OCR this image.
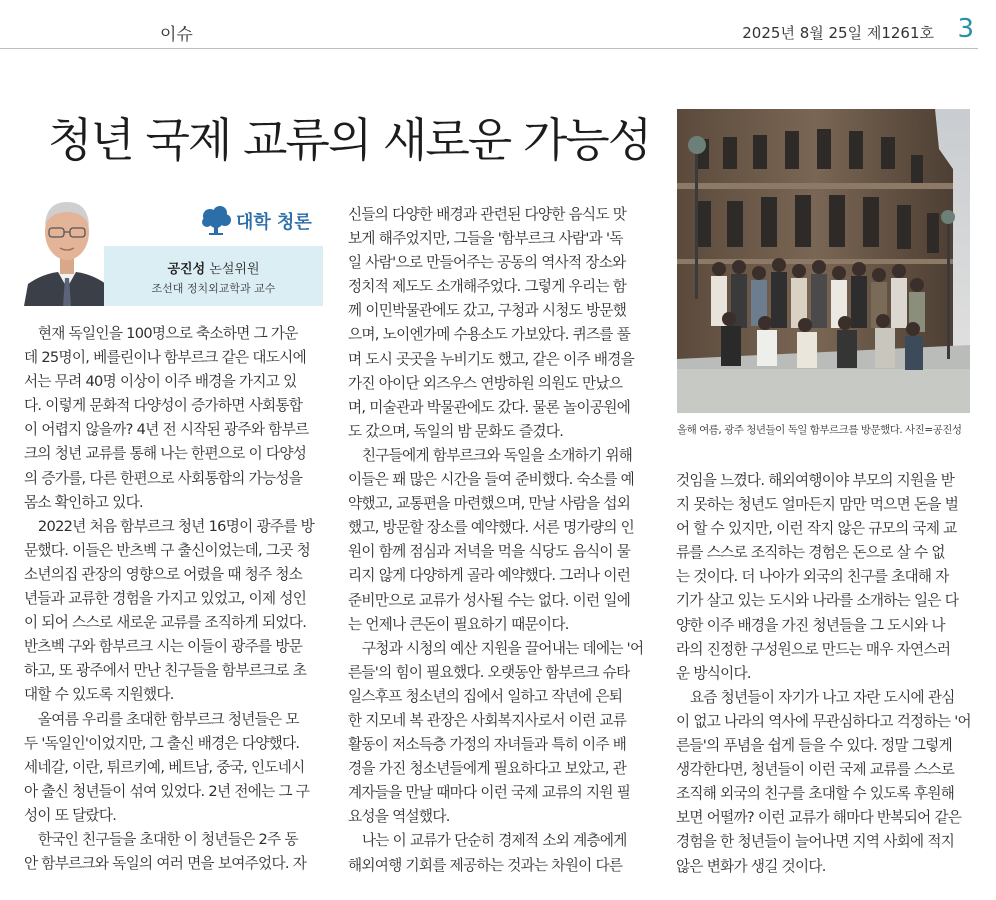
이슈	2025년 8월 25일 제1261호 3
청년 국제 교류의 새로운 가능성
대학 청론
공진성 논설위원
조선대 정치외교학과 교수
　현재 독일인을 100명으로 축소하면 그 가운
데 25명이, 베를린이나 함부르크 같은 대도시에
서는 무려 40명 이상이 이주 배경을 가지고 있
다. 이렇게 문화적 다양성이 증가하면 사회통합
이 어렵지 않을까? 4년 전 시작된 광주와 함부르
크의 청년 교류를 통해 나는 한편으로 이 다양성
의 증가를, 다른 한편으로 사회통합의 가능성을
몸소 확인하고 있다.
　2022년 처음 함부르크 청년 16명이 광주를 방
문했다. 이들은 반츠벡 구 출신이었는데, 그곳 청
소년의집 관장의 영향으로 어렸을 때 청주 청소
년들과 교류한 경험을 가지고 있었고, 이제 성인
이 되어 스스로 새로운 교류를 조직하게 되었다.
반츠벡 구와 함부르크 시는 이들이 광주를 방문
하고, 또 광주에서 만난 친구들을 함부르크로 초
대할 수 있도록 지원했다.
　올여름 우리를 초대한 함부르크 청년들은 모
두 '독일인'이었지만, 그 출신 배경은 다양했다.
세네갈, 이란, 튀르키예, 베트남, 중국, 인도네시
아 출신 청년들이 섞여 있었다. 2년 전에는 그 구
성이 또 달랐다.
　한국인 친구들을 초대한 이 청년들은 2주 동
안 함부르크와 독일의 여러 면을 보여주었다. 자
신들의 다양한 배경과 관련된 다양한 음식도 맛
보게 해주었지만, 그들을 '함부르크 사람'과 '독
일 사람'으로 만들어주는 공동의 역사적 장소와
정치적 제도도 소개해주었다. 그렇게 우리는 함
께 이민박물관에도 갔고, 구청과 시청도 방문했
으며, 노이엔가메 수용소도 가보았다. 퀴즈를 풀
며 도시 곳곳을 누비기도 했고, 같은 이주 배경을
가진 아이단 외즈우스 연방하원 의원도 만났으
며, 미술관과 박물관에도 갔다. 물론 놀이공원에
도 갔으며, 독일의 밤 문화도 즐겼다.
　친구들에게 함부르크와 독일을 소개하기 위해
이들은 꽤 많은 시간을 들여 준비했다. 숙소를 예
약했고, 교통편을 마련했으며, 만날 사람을 섭외
했고, 방문할 장소를 예약했다. 서른 명가량의 인
원이 함께 점심과 저녁을 먹을 식당도 음식이 물
리지 않게 다양하게 골라 예약했다. 그러나 이런
준비만으로 교류가 성사될 수는 없다. 이런 일에
는 언제나 큰돈이 필요하기 때문이다.
　구청과 시청의 예산 지원을 끌어내는 데에는 '어
른들'의 힘이 필요했다. 오랫동안 함부르크 슈타
일스후프 청소년의 집에서 일하고 작년에 은퇴
한 지모네 복 관장은 사회복지사로서 이런 교류
활동이 저소득층 가정의 자녀들과 특히 이주 배
경을 가진 청소년들에게 필요하다고 보았고, 관
계자들을 만날 때마다 이런 국제 교류의 지원 필
요성을 역설했다.
　나는 이 교류가 단순히 경제적 소외 계층에게
해외여행 기회를 제공하는 것과는 차원이 다른
것임을 느꼈다. 해외여행이야 부모의 지원을 받
지 못하는 청년도 얼마든지 맘만 먹으면 돈을 벌
어 할 수 있지만, 이런 작지 않은 규모의 국제 교
류를 스스로 조직하는 경험은 돈으로 살 수 없
는 것이다. 더 나아가 외국의 친구를 초대해 자
기가 살고 있는 도시와 나라를 소개하는 일은 다
양한 이주 배경을 가진 청년들을 그 도시와 나
라의 진정한 구성원으로 만드는 매우 자연스러
운 방식이다.
　요즘 청년들이 자기가 나고 자란 도시에 관심
이 없고 나라의 역사에 무관심하다고 걱정하는 '어
른들'의 푸념을 쉽게 들을 수 있다. 정말 그렇게
생각한다면, 청년들이 이런 국제 교류를 스스로
조직해 외국의 친구를 초대할 수 있도록 후원해
보면 어떨까? 이런 교류가 해마다 반복되어 같은
경험을 한 청년들이 늘어나면 지역 사회에 적지
않은 변화가 생길 것이다.
올해 여름, 광주 청년들이 독일 함부르크를 방문했다. 사진=공진성
